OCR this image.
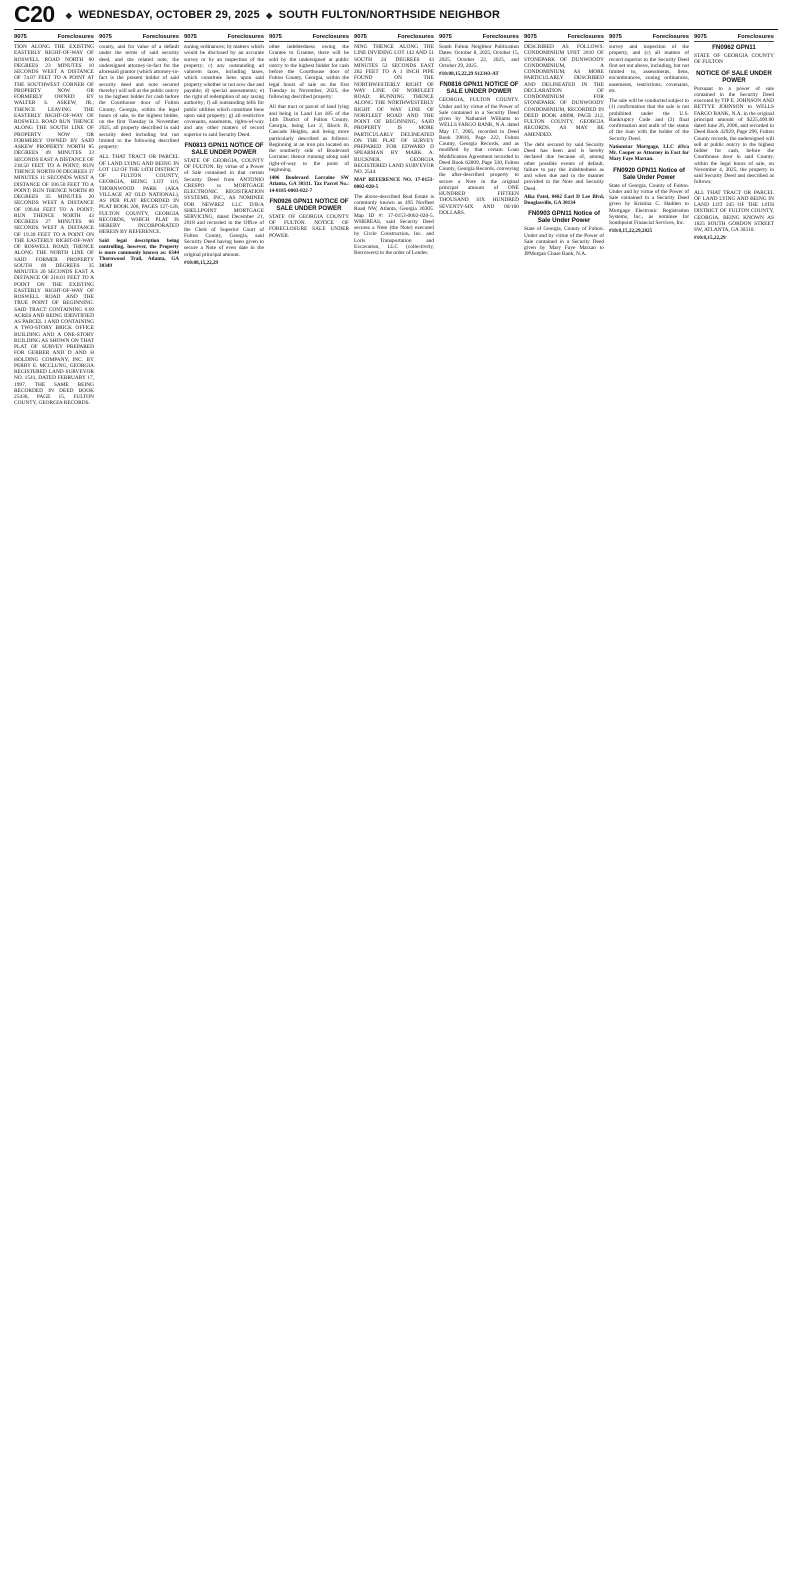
C20	◆ WEDNESDAY, OCTOBER 29, 2025 ◆ SOUTH FULTON/NORTHSIDE NEIGHBOR
9075	Foreclosures
TION ALONG THE EXISTING EASTERLY RIGHT-OF-WAY OF ROSWELL ROAD NORTH 00 DEGREES 23 MINUTES 10 SECONDS WEST A DISTANCE OF 74.07 FEET TO A POINT AT THE SOUTHWEST CORNER OF PROPERTY NOW OR FORMERLY OWNED BY WALTER S. ASKEW, JR.; THENCE LEAVING THE EASTERLY RIGHT-OF-WAY OF ROSWELL ROAD RUN THENCE ALONG THE SOUTH LINE OF PROPERTY NOW OR FORMERLY OWNED BY SAID ASKEW PROPERTY NORTH 85 DEGREES 49 MINUTES 33 SECONDS EAST A DISTANCE OF 218.50 FEET TO A POINT; RUN THENCE NORTH 00 DEGREES 37 MINUTES 11 SECONDS WEST A DISTANCE OF 106.50 FEET TO A POINT; RUN THENCE NORTH 89 DEGREES 35 MINUTES 20 SECONDS WEST A DISTANCE OF 196.84 FEET TO A POINT; RUN THENCE NORTH 43 DEGREES 27 MINUTES 06 SECONDS WEST A DISTANCE OF 19.30 FEET TO A POINT ON THE EASTERLY RIGHT-OF-WAY OF ROSWELL ROAD; THENCE ALONG THE NORTH LINE OF SAID FORMER PROPERTY SOUTH 89 DEGREES 35 MINUTES 20 SECONDS EAST A DISTANCE OF 218.01 FEET TO A POINT ON THE EXISTING EASTERLY RIGHT-OF-WAY OF ROSWELL ROAD AND THE TRUE POINT OF BEGINNING. SAID TRACT CONTAINING 0.69 ACRES AND BEING IDENTIFIED AS PARCEL 1 AND CONTAINING A TWO-STORY BRICK OFFICE BUILDING AND A ONE-STORY BUILDING AS SHOWN ON THAT PLAT OF SURVEY PREPARED FOR GERBER AND D AND H HOLDING COMPANY, INC. BY PERRY E. MCCLUNG, GEORGIA REGISTERED LAND SURVEYOR NO. 1541, DATED FEBRUARY 17, 1997, THE SAME BEING RECORDED IN DEED BOOK 25436, PAGE 15, FULTON COUNTY, GEORGIA RECORDS.
9075	Foreclosures
county, and for value of a default under the terms of said security deed, and the related note, the undersigned attorney-in-fact for the aforesaid grantor (which attorney-in-fact is the present holder of said security deed and note secured thereby) will sell at the public outcry to the highest bidder for cash before the Courthouse door of Fulton County, Georgia, within the legal hours of sale, to the highest bidder, on the first Tuesday in November 2025, all property described in said security deed including but not limited to the following described property:
ALL THAT TRACT OR PARCEL OF LAND LYING AND BEING IN LOT 132 OF THE 14TH DISTRICT OF FULTON COUNTY, GEORGIA, BEING LOT 116, THORNWOOD PARK (AKA VILLAGE AT OLD NATIONAL), AS PER PLAT RECORDED IN PLAT BOOK 200, PAGES 127-128, FULTON COUNTY, GEORGIA RECORDS, WHICH PLAT IS HEREBY INCORPORATED HEREIN BY REFERENCE.
Said legal description being controlling, however, the Property is more commonly known as: 6344 Thornwood Trail, Atlanta, GA 30349
9075	Foreclosures
zoning ordinances; b) matters which would be disclosed by an accurate survey or by an inspection of the property; c) any outstanding ad valorem taxes, including taxes, which constitute liens upon said property whether or not now due and payable; d) special assessments; e) the right of redemption of any taxing authority; f) all outstanding bills for public utilities which constitute liens upon said property; g) all restrictive covenants, easements, rights-of-way and any other matters of record superior to said Security Deed.
FN0813 GPN11 NOTICE OF SALE UNDER POWER
STATE OF GEORGIA, COUNTY OF FULTON. By virtue of a Power of Sale contained in that certain Security Deed from ANTONIO CRESPO to MORTGAGE ELECTRONIC REGISTRATION SYSTEMS, INC., AS NOMINEE FOR NEWREZ LLC D/B/A SHELLPOINT MORTGAGE SERVICING, dated December 21, 2018 and recorded in the Office of the Clerk of Superior Court of Fulton County, Georgia, said Security Deed having been given to secure a Note of even date in the original principal amount.
#10:08,15,22,29
9075	Foreclosures
other indebtedness owing the Grantee to Grantee, there will be sold by the undersigned at public outcry to the highest bidder for cash before the Courthouse door of Fulton County, Georgia, within the legal hours of sale on the first Tuesday in November, 2025, the following described property:
All that tract or parcel of land lying and being in Land Lot 185 of the 14th District of Fulton County, Georgia, being Lot 2, Block B, Cascade Heights, and being more particularly described as follows: Beginning at an iron pin located on the southerly side of Boulevard Lorraine; thence running along said right-of-way to the point of beginning.
1406 Boulevard Lorraine SW Atlanta, GA 30311. Tax Parcel No.: 14-0185-0003-022-7
FN0926 GPN11 NOTICE OF SALE UNDER POWER
STATE OF GEORGIA COUNTY OF FULTON. NOTICE OF FORECLOSURE SALE UNDER POWER.
9075	Foreclosures
NING THENCE ALONG THE LINE DIVIDING LOT 142 AND 51 SOUTH 24 DEGREES 43 MINUTES 52 SECONDS EAST 262 FEET TO A 1 INCH PIPE FOUND ON THE NORTHWESTERLY RIGHT OF WAY LINE OF NORFLEET ROAD; RUNNING THENCE ALONG THE NORTHWESTERLY RIGHT OF WAY LINE OF NORFLEET ROAD AND THE POINT OF BEGINNING, SAID PROPERTY IS MORE PARTICULARLY DELINEATED ON THE PLAT OF SURVEY PREPARED FOR EDWARD D SPEARMAN BY MARK A. BUCKNER, GEORGIA REGISTERED LAND SURVEYOR NO. 2544.
MAP REFERENCE NO. 17-0153-0002-020-5
The above-described Real Estate is commonly known as 495 Norfleet Road NW, Atlanta, Georgia 30305. Map ID #: 17-0153-0002-020-5. WHEREAS, said Security Deed secures a Note (the Note) executed by Circle Construction, Inc. and Loris Transportation and Excavation, LLC (collectively, Borrowers) to the order of Lender.
9075	Foreclosures
South Fulton Neighbor Publication Dates: October 8, 2025, October 15, 2025, October 22, 2025, and October 29, 2025.
#10:08,15,22,29 S12343-AT
FN0816 GPN11 NOTICE OF SALE UNDER POWER
GEORGIA, FULTON COUNTY. Under and by virtue of the Power of Sale contained in a Security Deed given by Nathaniel Williams to WELLS FARGO BANK, N.A. dated May 17, 2005, recorded in Deed Book 39816, Page 222, Fulton County, Georgia Records, and as modified by that certain Loan Modification Agreement recorded in Deed Book 62809, Page 330, Fulton County, Georgia Records, conveying the after-described property to secure a Note in the original principal amount of ONE HUNDRED FIFTEEN THOUSAND SIX HUNDRED SEVENTY-SIX AND 00/100 DOLLARS.
9075	Foreclosures
DESCRIBED AS FOLLOWS: CONDOMINIUM UNIT 2010 OF STONEPARK OF DUNWOODY CONDOMINIUM, A CONDOMINIUM, AS MORE PARTICULARLY DESCRIBED AND DELINEATED IN THE DECLARATION OF CONDOMINIUM FOR STONEPARK OF DUNWOODY CONDOMINIUM, RECORDED IN DEED BOOK 40898, PAGE 212, FULTON COUNTY, GEORGIA RECORDS, AS MAY BE AMENDED.
The debt secured by said Security Deed has been and is hereby declared due because of, among other possible events of default, failure to pay the indebtedness as and when due and in the manner provided in the Note and Security Deed.
Alka Patel, 8462 Earl D Lee Blvd, Douglasville, GA 30134
FN0903 GPN11 Notice of Sale Under Power
State of Georgia, County of Fulton. Under and by virtue of the Power of Sale contained in a Security Deed given by Mary Faye Marzan to JPMorgan Chase Bank, N.A.
9075	Foreclosures
survey and inspection of the property, and (c) all matters of record superior to the Security Deed first set out above, including, but not limited to, assessments, liens, encumbrances, zoning ordinances, easements, restrictions, covenants, etc.
The sale will be conducted subject to (1) confirmation that the sale is not prohibited under the U.S. Bankruptcy Code and (2) final confirmation and audit of the status of the loan with the holder of the Security Deed.
Nationstar Mortgage, LLC d/b/a Mr. Cooper as Attorney in Fact for Mary Faye Marzan.
FN0920 GPN11 Notice of Sale Under Power
State of Georgia, County of Fulton. Under and by virtue of the Power of Sale contained in a Security Deed given by Kristina C. Hadden to Mortgage Electronic Registration Systems, Inc., as nominee for Southpoint Financial Services, Inc.
#10:8,15,22,29,2025
9075	Foreclosures
FN0962 GPN11
STATE OF GEORGIA COUNTY OF FULTON
NOTICE OF SALE UNDER POWER
Pursuant to a power of sale contained in the Security Deed executed by TIP E. JOHNSON AND BETTYE JOHNSON to WELLS FARGO BANK, N.A. in the original principal amount of $225,400.00 dated June 26, 2006, and recorded in Deed Book 42929, Page 296, Fulton County records, the undersigned will sell at public outcry to the highest bidder for cash, before the Courthouse door in said County, within the legal hours of sale, on November 4, 2025, the property in said Security Deed and described as follows:
ALL THAT TRACT OR PARCEL OF LAND LYING AND BEING IN LAND LOT 245 OF THE 14TH DISTRICT OF FULTON COUNTY, GEORGIA, BEING KNOWN AS 1825 SOUTH GORDON STREET SW, ATLANTA, GA 30310.
#10:8,15,22,29
